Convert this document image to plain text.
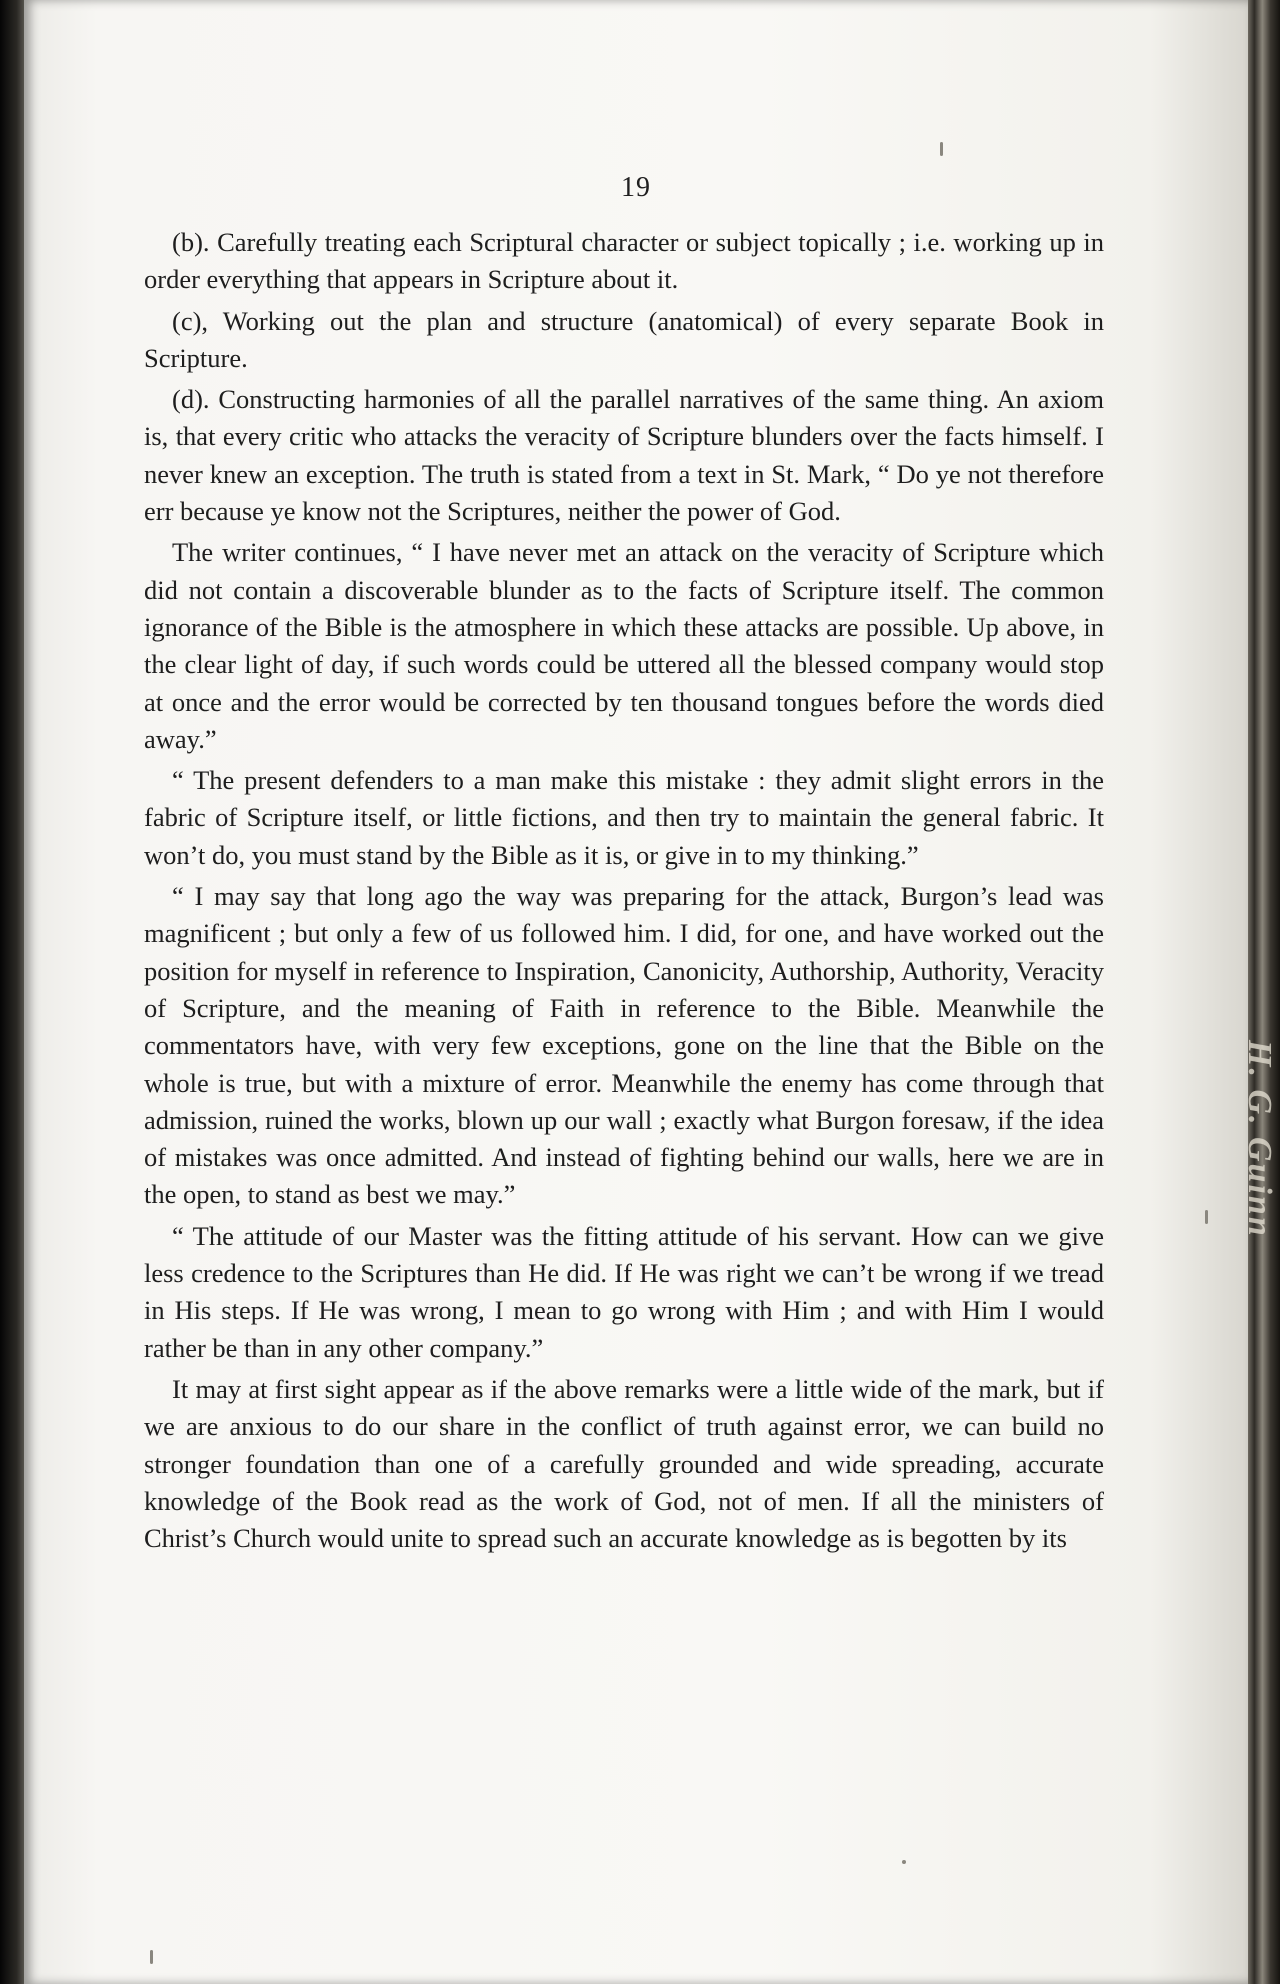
19

(b). Carefully treating each Scriptural character or subject topically ; i.e. working up in order everything that appears in Scripture about it.

(c), Working out the plan and structure (anatomical) of every separate Book in Scripture.

(d). Constructing harmonies of all the parallel narratives of the same thing. An axiom is, that every critic who attacks the veracity of Scripture blunders over the facts himself. I never knew an exception. The truth is stated from a text in St. Mark, “ Do ye not therefore err because ye know not the Scriptures, neither the power of God.

The writer continues, “ I have never met an attack on the veracity of Scripture which did not contain a discoverable blunder as to the facts of Scripture itself. The common ignorance of the Bible is the atmosphere in which these attacks are possible. Up above, in the clear light of day, if such words could be uttered all the blessed company would stop at once and the error would be corrected by ten thousand tongues before the words died away.”

“ The present defenders to a man make this mistake : they admit slight errors in the fabric of Scripture itself, or little fictions, and then try to maintain the general fabric. It won’t do, you must stand by the Bible as it is, or give in to my thinking.”

“ I may say that long ago the way was preparing for the attack, Burgon’s lead was magnificent ; but only a few of us followed him. I did, for one, and have worked out the position for myself in reference to Inspiration, Canonicity, Authorship, Authority, Veracity of Scripture, and the meaning of Faith in reference to the Bible. Meanwhile the commentators have, with very few exceptions, gone on the line that the Bible on the whole is true, but with a mixture of error. Meanwhile the enemy has come through that admission, ruined the works, blown up our wall ; exactly what Burgon foresaw, if the idea of mistakes was once admitted. And instead of fighting behind our walls, here we are in the open, to stand as best we may.”

“ The attitude of our Master was the fitting attitude of his servant. How can we give less credence to the Scriptures than He did. If He was right we can’t be wrong if we tread in His steps. If He was wrong, I mean to go wrong with Him ; and with Him I would rather be than in any other company.”

It may at first sight appear as if the above remarks were a little wide of the mark, but if we are anxious to do our share in the conflict of truth against error, we can build no stronger foundation than one of a carefully grounded and wide spreading, accurate knowledge of the Book read as the work of God, not of men. If all the ministers of Christ’s Church would unite to spread such an accurate knowledge as is begotten by its

H. G. Guinn
